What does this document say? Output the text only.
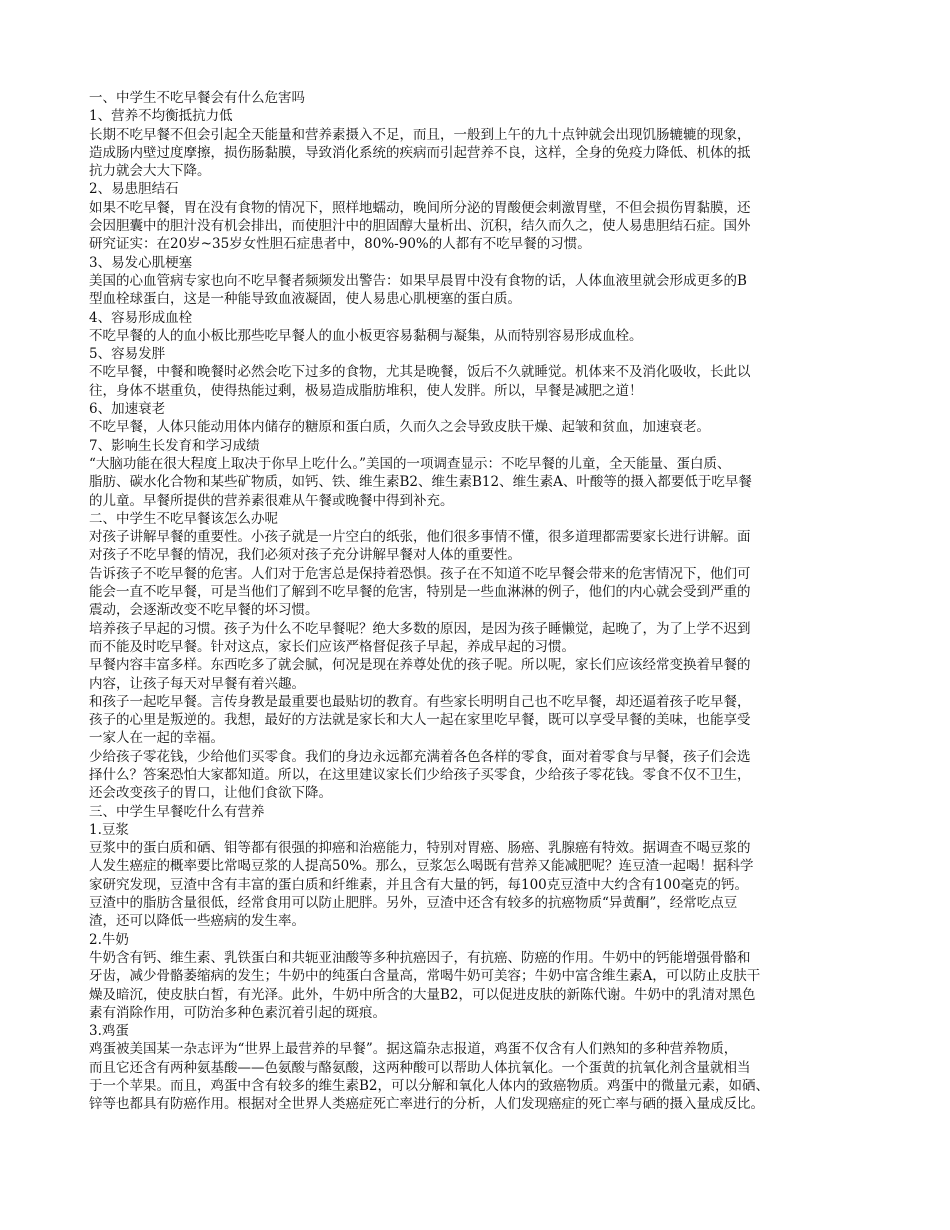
一、中学生不吃早餐会有什么危害吗
1、营养不均衡抵抗力低
长期不吃早餐不但会引起全天能量和营养素摄入不足，而且，一般到上午的九十点钟就会出现饥肠辘辘的现象，
造成肠内壁过度摩擦，损伤肠黏膜，导致消化系统的疾病而引起营养不良，这样，全身的免疫力降低、机体的抵
抗力就会大大下降。
2、易患胆结石
如果不吃早餐，胃在没有食物的情况下，照样地蠕动，晚间所分泌的胃酸便会刺激胃壁，不但会损伤胃黏膜，还
会因胆囊中的胆汁没有机会排出，而使胆汁中的胆固醇大量析出、沉积，结久而久之，使人易患胆结石症。国外
研究证实：在20岁~35岁女性胆石症患者中，80%-90%的人都有不吃早餐的习惯。
3、易发心肌梗塞
美国的心血管病专家也向不吃早餐者频频发出警告：如果早晨胃中没有食物的话，人体血液里就会形成更多的B
型血栓球蛋白，这是一种能导致血液凝固，使人易患心肌梗塞的蛋白质。
4、容易形成血栓
不吃早餐的人的血小板比那些吃早餐人的血小板更容易黏稠与凝集，从而特别容易形成血栓。
5、容易发胖
不吃早餐，中餐和晚餐时必然会吃下过多的食物，尤其是晚餐，饭后不久就睡觉。机体来不及消化吸收，长此以
往，身体不堪重负，使得热能过剩，极易造成脂肪堆积，使人发胖。所以，早餐是减肥之道！
6、加速衰老
不吃早餐，人体只能动用体内储存的糖原和蛋白质，久而久之会导致皮肤干燥、起皱和贫血，加速衰老。
7、影响生长发育和学习成绩
“大脑功能在很大程度上取决于你早上吃什么。”美国的一项调查显示：不吃早餐的儿童，全天能量、蛋白质、
脂肪、碳水化合物和某些矿物质，如钙、铁、维生素B2、维生素B12、维生素A、叶酸等的摄入都要低于吃早餐
的儿童。早餐所提供的营养素很难从午餐或晚餐中得到补充。
二、中学生不吃早餐该怎么办呢
对孩子讲解早餐的重要性。小孩子就是一片空白的纸张，他们很多事情不懂，很多道理都需要家长进行讲解。面
对孩子不吃早餐的情况，我们必须对孩子充分讲解早餐对人体的重要性。
告诉孩子不吃早餐的危害。人们对于危害总是保持着恐惧。孩子在不知道不吃早餐会带来的危害情况下，他们可
能会一直不吃早餐，可是当他们了解到不吃早餐的危害，特别是一些血淋淋的例子，他们的内心就会受到严重的
震动，会逐渐改变不吃早餐的坏习惯。
培养孩子早起的习惯。孩子为什么不吃早餐呢？绝大多数的原因，是因为孩子睡懒觉，起晚了，为了上学不迟到
而不能及时吃早餐。针对这点，家长们应该严格督促孩子早起，养成早起的习惯。
早餐内容丰富多样。东西吃多了就会腻，何况是现在养尊处优的孩子呢。所以呢，家长们应该经常变换着早餐的
内容，让孩子每天对早餐有着兴趣。
和孩子一起吃早餐。言传身教是最重要也最贴切的教育。有些家长明明自己也不吃早餐，却还逼着孩子吃早餐，
孩子的心里是叛逆的。我想，最好的方法就是家长和大人一起在家里吃早餐，既可以享受早餐的美味，也能享受
一家人在一起的幸福。
少给孩子零花钱，少给他们买零食。我们的身边永远都充满着各色各样的零食，面对着零食与早餐，孩子们会选
择什么？答案恐怕大家都知道。所以，在这里建议家长们少给孩子买零食，少给孩子零花钱。零食不仅不卫生，
还会改变孩子的胃口，让他们食欲下降。
三、中学生早餐吃什么有营养
1.豆浆
豆浆中的蛋白质和硒、钼等都有很强的抑癌和治癌能力，特别对胃癌、肠癌、乳腺癌有特效。据调查不喝豆浆的
人发生癌症的概率要比常喝豆浆的人提高50%。那么，豆浆怎么喝既有营养又能减肥呢？连豆渣一起喝！据科学
家研究发现，豆渣中含有丰富的蛋白质和纤维素，并且含有大量的钙，每100克豆渣中大约含有100毫克的钙。
豆渣中的脂肪含量很低，经常食用可以防止肥胖。另外，豆渣中还含有较多的抗癌物质“异黄酮”，经常吃点豆
渣，还可以降低一些癌病的发生率。
2.牛奶
牛奶含有钙、维生素、乳铁蛋白和共轭亚油酸等多种抗癌因子，有抗癌、防癌的作用。牛奶中的钙能增强骨骼和
牙齿，减少骨骼萎缩病的发生；牛奶中的纯蛋白含量高，常喝牛奶可美容；牛奶中富含维生素A，可以防止皮肤干
燥及暗沉，使皮肤白皙，有光泽。此外，牛奶中所含的大量B2，可以促进皮肤的新陈代谢。牛奶中的乳清对黑色
素有消除作用，可防治多种色素沉着引起的斑痕。
3.鸡蛋
鸡蛋被美国某一杂志评为“世界上最营养的早餐”。据这篇杂志报道，鸡蛋不仅含有人们熟知的多种营养物质，
而且它还含有两种氨基酸——色氨酸与酪氨酸，这两种酸可以帮助人体抗氧化。一个蛋黄的抗氧化剂含量就相当
于一个苹果。而且，鸡蛋中含有较多的维生素B2，可以分解和氧化人体内的致癌物质。鸡蛋中的微量元素，如硒、
锌等也都具有防癌作用。根据对全世界人类癌症死亡率进行的分析，人们发现癌症的死亡率与硒的摄入量成反比。
